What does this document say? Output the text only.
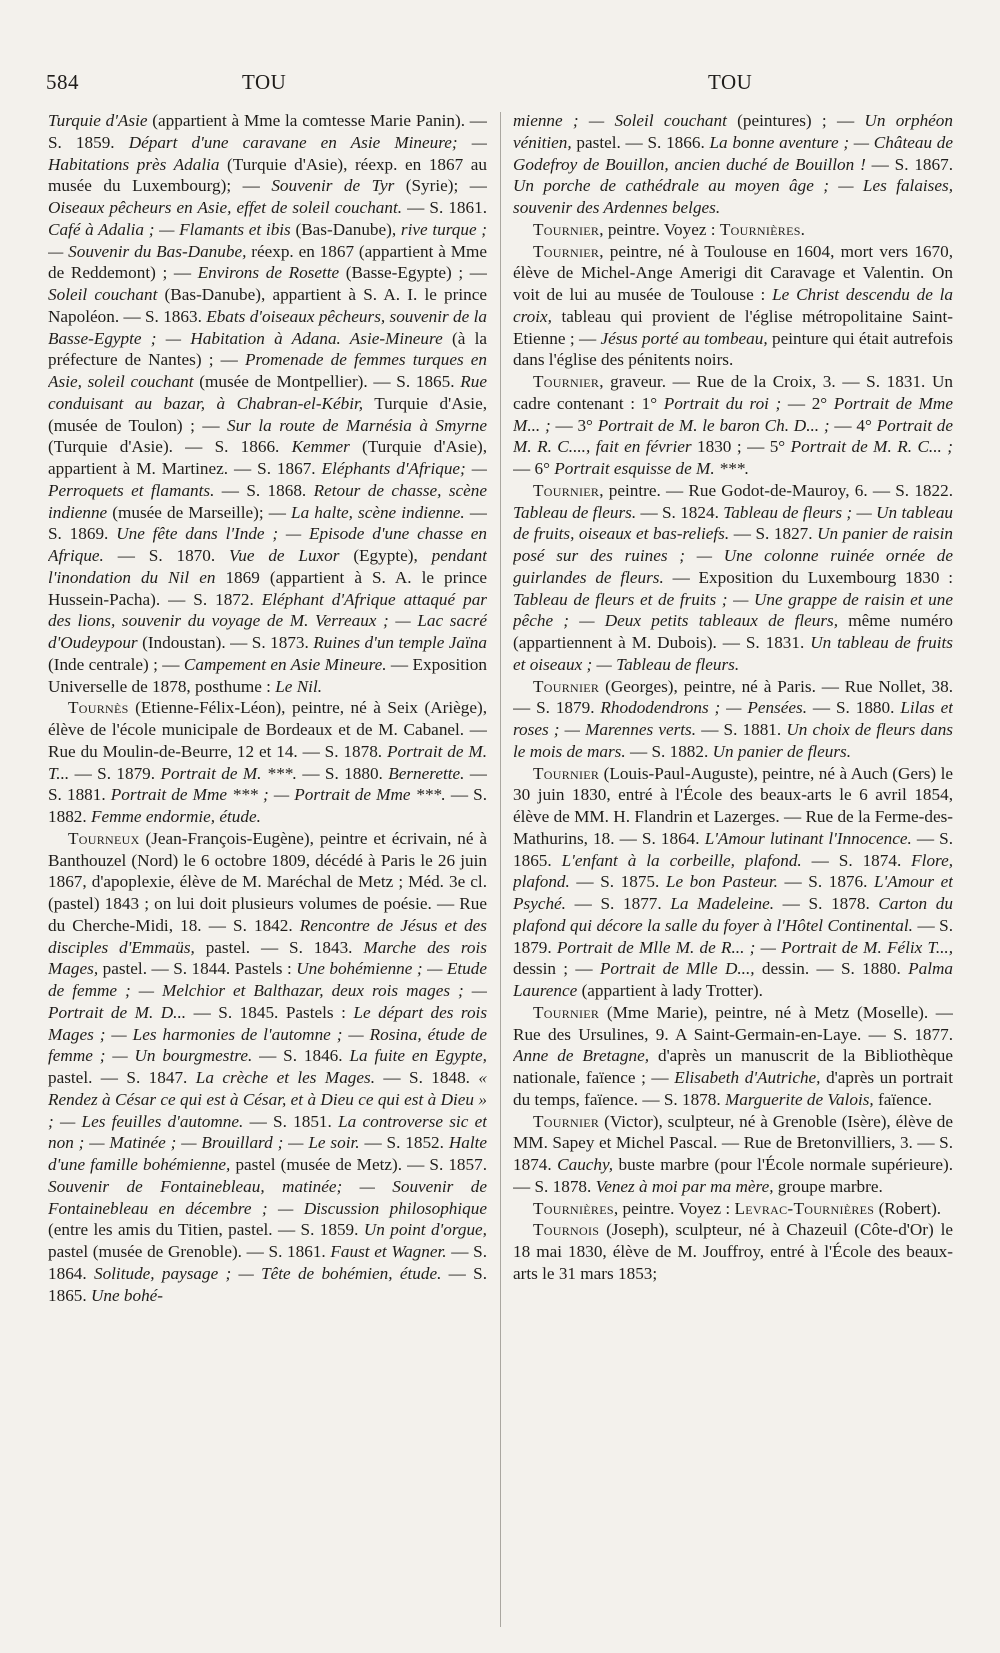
584	TOU	TOU

Turquie d'Asie (appartient à Mme la comtesse Marie Panin). — S. 1859. Départ d'une caravane en Asie Mineure; — Habitations près Adalia (Turquie d'Asie), réexp. en 1867 au musée du Luxembourg); — Souvenir de Tyr (Syrie); — Oiseaux pêcheurs en Asie, effet de soleil couchant. — S. 1861. Café à Adalia ; — Flamants et ibis (Bas-Danube), rive turque ; — Souvenir du Bas-Danube, réexp. en 1867 (appartient à Mme de Reddemont) ; — Environs de Rosette (Basse-Egypte) ; — Soleil couchant (Bas-Danube), appartient à S. A. I. le prince Napoléon. — S. 1863. Ebats d'oiseaux pêcheurs, souvenir de la Basse-Egypte ; — Habitation à Adana. Asie-Mineure (à la préfecture de Nantes) ; — Promenade de femmes turques en Asie, soleil couchant (musée de Montpellier). — S. 1865. Rue conduisant au bazar, à Chabran-el-Kébir, Turquie d'Asie, (musée de Toulon) ; — Sur la route de Marnésia à Smyrne (Turquie d'Asie). — S. 1866. Kemmer (Turquie d'Asie), appartient à M. Martinez. — S. 1867. Eléphants d'Afrique; — Perroquets et flamants. — S. 1868. Retour de chasse, scène indienne (musée de Marseille); — La halte, scène indienne. — S. 1869. Une fête dans l'Inde ; — Episode d'une chasse en Afrique. — S. 1870. Vue de Luxor (Egypte), pendant l'inondation du Nil en 1869 (appartient à S. A. le prince Hussein-Pacha). — S. 1872. Eléphant d'Afrique attaqué par des lions, souvenir du voyage de M. Verreaux ; — Lac sacré d'Oudeypour (Indoustan). — S. 1873. Ruines d'un temple Jaïna (Inde centrale) ; — Campement en Asie Mineure. — Exposition Universelle de 1878, posthume : Le Nil.

Tournès (Etienne-Félix-Léon), peintre, né à Seix (Ariège), élève de l'école municipale de Bordeaux et de M. Cabanel. — Rue du Moulin-de-Beurre, 12 et 14. — S. 1878. Portrait de M. T... — S. 1879. Portrait de M. ***. — S. 1880. Bernerette. — S. 1881. Portrait de Mme *** ; — Portrait de Mme ***. — S. 1882. Femme endormie, étude.

Tourneux (Jean-François-Eugène), peintre et écrivain, né à Banthouzel (Nord) le 6 octobre 1809, décédé à Paris le 26 juin 1867, d'apoplexie, élève de M. Maréchal de Metz ; Méd. 3e cl. (pastel) 1843 ; on lui doit plusieurs volumes de poésie. — Rue du Cherche-Midi, 18. — S. 1842. Rencontre de Jésus et des disciples d'Emmaüs, pastel. — S. 1843. Marche des rois Mages, pastel. — S. 1844. Pastels : Une bohémienne ; — Etude de femme ; — Melchior et Balthazar, deux rois mages ; — Portrait de M. D... — S. 1845. Pastels : Le départ des rois Mages ; — Les harmonies de l'automne ; — Rosina, étude de femme ; — Un bourgmestre. — S. 1846. La fuite en Egypte, pastel. — S. 1847. La crèche et les Mages. — S. 1848. « Rendez à César ce qui est à César, et à Dieu ce qui est à Dieu » ; — Les feuilles d'automne. — S. 1851. La controverse sic et non ; — Matinée ; — Brouillard ; — Le soir. — S. 1852. Halte d'une famille bohémienne, pastel (musée de Metz). — S. 1857. Souvenir de Fontainebleau, matinée; — Souvenir de Fontainebleau en décembre ; — Discussion philosophique (entre les amis du Titien, pastel. — S. 1859. Un point d'orgue, pastel (musée de Grenoble). — S. 1861. Faust et Wagner. — S. 1864. Solitude, paysage ; — Tête de bohémien, étude. — S. 1865. Une bohé-

mienne ; — Soleil couchant (peintures) ; — Un orphéon vénitien, pastel. — S. 1866. La bonne aventure ; — Château de Godefroy de Bouillon, ancien duché de Bouillon ! — S. 1867. Un porche de cathédrale au moyen âge ; — Les falaises, souvenir des Ardennes belges.

Tournier, peintre. Voyez : Tournières.

Tournier, peintre, né à Toulouse en 1604, mort vers 1670, élève de Michel-Ange Amerigi dit Caravage et Valentin. On voit de lui au musée de Toulouse : Le Christ descendu de la croix, tableau qui provient de l'église métropolitaine Saint-Etienne ; — Jésus porté au tombeau, peinture qui était autrefois dans l'église des pénitents noirs.

Tournier, graveur. — Rue de la Croix, 3. — S. 1831. Un cadre contenant : 1° Portrait du roi ; — 2° Portrait de Mme M... ; — 3° Portrait de M. le baron Ch. D... ; — 4° Portrait de M. R. C...., fait en février 1830 ; — 5° Portrait de M. R. C... ; — 6° Portrait esquisse de M. ***.

Tournier, peintre. — Rue Godot-de-Mauroy, 6. — S. 1822. Tableau de fleurs. — S. 1824. Tableau de fleurs ; — Un tableau de fruits, oiseaux et bas-reliefs. — S. 1827. Un panier de raisin posé sur des ruines ; — Une colonne ruinée ornée de guirlandes de fleurs. — Exposition du Luxembourg 1830 : Tableau de fleurs et de fruits ; — Une grappe de raisin et une pêche ; — Deux petits tableaux de fleurs, même numéro (appartiennent à M. Dubois). — S. 1831. Un tableau de fruits et oiseaux ; — Tableau de fleurs.

Tournier (Georges), peintre, né à Paris. — Rue Nollet, 38. — S. 1879. Rhododendrons ; — Pensées. — S. 1880. Lilas et roses ; — Marennes verts. — S. 1881. Un choix de fleurs dans le mois de mars. — S. 1882. Un panier de fleurs.

Tournier (Louis-Paul-Auguste), peintre, né à Auch (Gers) le 30 juin 1830, entré à l'École des beaux-arts le 6 avril 1854, élève de MM. H. Flandrin et Lazerges. — Rue de la Ferme-des-Mathurins, 18. — S. 1864. L'Amour lutinant l'Innocence. — S. 1865. L'enfant à la corbeille, plafond. — S. 1874. Flore, plafond. — S. 1875. Le bon Pasteur. — S. 1876. L'Amour et Psyché. — S. 1877. La Madeleine. — S. 1878. Carton du plafond qui décore la salle du foyer à l'Hôtel Continental. — S. 1879. Portrait de Mlle M. de R... ; — Portrait de M. Félix T..., dessin ; — Portrait de Mlle D..., dessin. — S. 1880. Palma Laurence (appartient à lady Trotter).

Tournier (Mme Marie), peintre, né à Metz (Moselle). — Rue des Ursulines, 9. A Saint-Germain-en-Laye. — S. 1877. Anne de Bretagne, d'après un manuscrit de la Bibliothèque nationale, faïence ; — Elisabeth d'Autriche, d'après un portrait du temps, faïence. — S. 1878. Marguerite de Valois, faïence.

Tournier (Victor), sculpteur, né à Grenoble (Isère), élève de MM. Sapey et Michel Pascal. — Rue de Bretonvilliers, 3. — S. 1874. Cauchy, buste marbre (pour l'École normale supérieure). — S. 1878. Venez à moi par ma mère, groupe marbre.

Tournières, peintre. Voyez : Levrac-Tournières (Robert).

Tournois (Joseph), sculpteur, né à Chazeuil (Côte-d'Or) le 18 mai 1830, élève de M. Jouffroy, entré à l'École des beaux-arts le 31 mars 1853;
